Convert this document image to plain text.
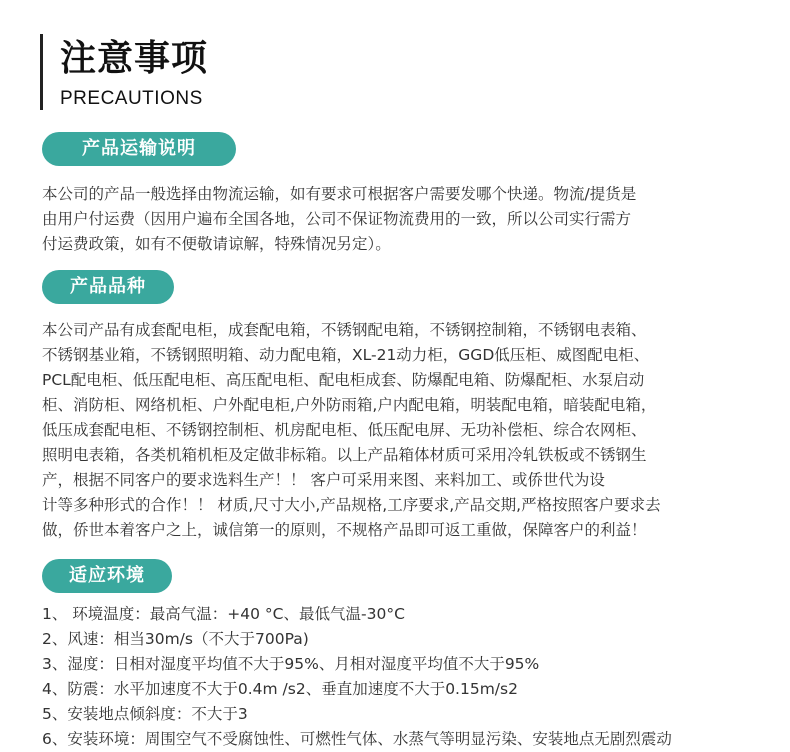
注意事项
PRECAUTIONS
产品运输说明

本公司的产品一般选择由物流运输，如有要求可根据客户需要发哪个快递。物流/提货是

由用户付运费（因用户遍布全国各地，公司不保证物流费用的一致，所以公司实行需方

付运费政策，如有不便敬请谅解，特殊情况另定）。

产品品种

本公司产品有成套配电柜，成套配电箱，不锈钢配电箱，不锈钢控制箱，不锈钢电表箱、

不锈钢基业箱，不锈钢照明箱、动力配电箱，XL-21动力柜，GGD低压柜、威图配电柜、

PCL配电柜、低压配电柜、高压配电柜、配电柜成套、防爆配电箱、防爆配柜、水泵启动

柜、消防柜、网络机柜、户外配电柜,户外防雨箱,户内配电箱，明装配电箱，暗装配电箱，

低压成套配电柜、不锈钢控制柜、机房配电柜、低压配电屏、无功补偿柜、综合农网柜、

照明电表箱，各类机箱机柜及定做非标箱。以上产品箱体材质可采用冷轧铁板或不锈钢生

产，根据不同客户的要求选料生产！！ 客户可采用来图、来料加工、或侨世代为设

计等多种形式的合作！！ 材质,尺寸大小,产品规格,工序要求,产品交期,严格按照客户要求去

做，侨世本着客户之上，诚信第一的原则，不规格产品即可返工重做，保障客户的利益！

适应环境

1、 环境温度：最高气温：+40 °C、最低气温-30°C

2、风速：相当30m/s（不大于700Pa)

3、湿度：日相对湿度平均值不大于95%、月相对湿度平均值不大于95%

4、防震：水平加速度不大于0.4m /s2、垂直加速度不大于0.15m/s2

5、安装地点倾斜度：不大于3

6、安装环境：周围空气不受腐蚀性、可燃性气体、水蒸气等明显污染、安装地点无剧烈震动
